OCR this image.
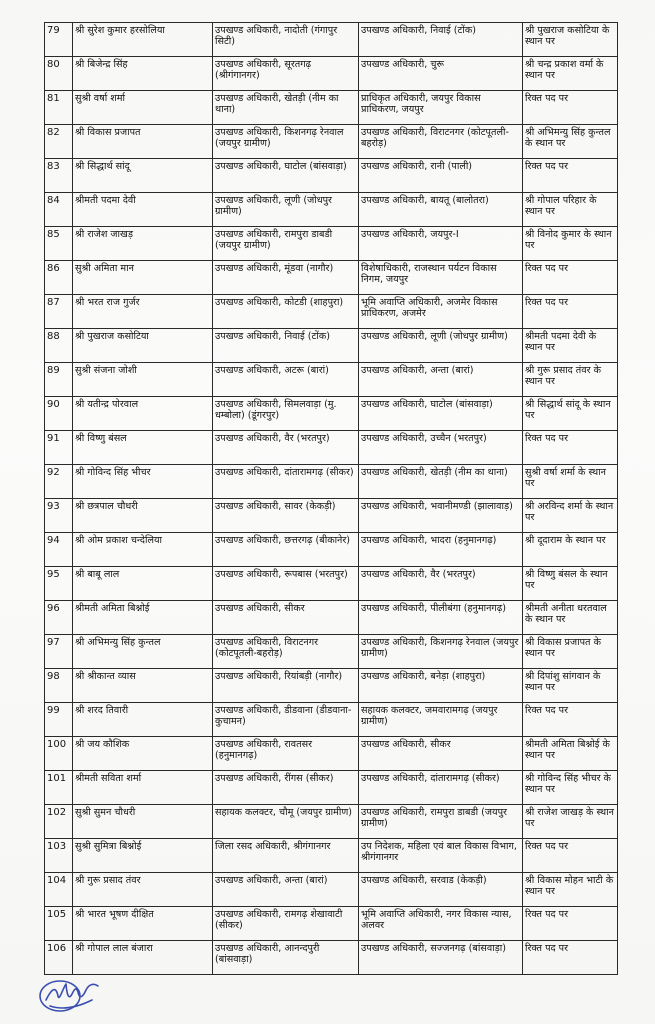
79	श्री सुरेश कुमार हरसोलिया	उपखण्ड अधिकारी, नादोती (गंगापुर सिटी)	उपखण्ड अधिकारी, निवाई (टोंक)	श्री पुखराज कसोटिया के स्थान पर
80	श्री बिजेन्द्र सिंह	उपखण्ड अधिकारी, सूरतगढ़ (श्रीगंगानगर)	उपखण्ड अधिकारी, चुरू	श्री चन्द्र प्रकाश वर्मा के स्थान पर
81	सुश्री वर्षा शर्मा	उपखण्ड अधिकारी, खेतड़ी (नीम का थाना)	प्राधिकृत अधिकारी, जयपुर विकास प्राधिकरण, जयपुर	रिक्त पद पर
82	श्री विकास प्रजापत	उपखण्ड अधिकारी, किशनगढ़ रेनवाल (जयपुर ग्रामीण)	उपखण्ड अधिकारी, विराटनगर (कोटपूतली-बहरोड़)	श्री अभिमन्यु सिंह कुन्तल के स्थान पर
83	श्री सिद्धार्थ सांदू	उपखण्ड अधिकारी, घाटोल (बांसवाड़ा)	उपखण्ड अधिकारी, रानी (पाली)	रिक्त पद पर
84	श्रीमती पदमा देवी	उपखण्ड अधिकारी, लूणी (जोधपुर ग्रामीण)	उपखण्ड अधिकारी, बायतू (बालोतरा)	श्री गोपाल परिहार के स्थान पर
85	श्री राजेश जाखड़	उपखण्ड अधिकारी, रामपुरा डाबडी (जयपुर ग्रामीण)	उपखण्ड अधिकारी, जयपुर-I	श्री विनोद कुमार के स्थान पर
86	सुश्री अमिता मान	उपखण्ड अधिकारी, मूंडवा (नागौर)	विशेषाधिकारी, राजस्थान पर्यटन विकास निगम, जयपुर	रिक्त पद पर
87	श्री भरत राज गुर्जर	उपखण्ड अधिकारी, कोटडी (शाहपुरा)	भूमि अवाप्ति अधिकारी, अजमेर विकास प्राधिकरण, अजमेर	रिक्त पद पर
88	श्री पुखराज कसोटिया	उपखण्ड अधिकारी, निवाई (टोंक)	उपखण्ड अधिकारी, लूणी (जोधपुर ग्रामीण)	श्रीमती पदमा देवी के स्थान पर
89	सुश्री संजना जोशी	उपखण्ड अधिकारी, अटरू (बारां)	उपखण्ड अधिकारी, अन्ता (बारां)	श्री गुरू प्रसाद तंवर के स्थान पर
90	श्री यतीन्द्र पोरवाल	उपखण्ड अधिकारी, सिमलवाड़ा (मु. धम्बोला) (डूंगरपुर)	उपखण्ड अधिकारी, घाटोल (बांसवाड़ा)	श्री सिद्धार्थ सांदू के स्थान पर
91	श्री विष्णु बंसल	उपखण्ड अधिकारी, वैर (भरतपुर)	उपखण्ड अधिकारी, उच्चैन (भरतपुर)	रिक्त पद पर
92	श्री गोविन्द सिंह भीचर	उपखण्ड अधिकारी, दांतारामगढ़ (सीकर)	उपखण्ड अधिकारी, खेतड़ी (नीम का थाना)	सुश्री वर्षा शर्मा के स्थान पर
93	श्री छत्रपाल चौधरी	उपखण्ड अधिकारी, सावर (केकड़ी)	उपखण्ड अधिकारी, भवानीमण्डी (झालावाड़)	श्री अरविन्द शर्मा के स्थान पर
94	श्री ओम प्रकाश चन्देलिया	उपखण्ड अधिकारी, छत्तरगढ़ (बीकानेर)	उपखण्ड अधिकारी, भादरा (हनुमानगढ़)	श्री दूदाराम के स्थान पर
95	श्री बाबू लाल	उपखण्ड अधिकारी, रूपबास (भरतपुर)	उपखण्ड अधिकारी, वैर (भरतपुर)	श्री विष्णु बंसल के स्थान पर
96	श्रीमती अमिता बिश्नोई	उपखण्ड अधिकारी, सीकर	उपखण्ड अधिकारी, पीलीबंगा (हनुमानगढ़)	श्रीमती अनीता धरतवाल के स्थान पर
97	श्री अभिमन्यु सिंह कुन्तल	उपखण्ड अधिकारी, विराटनगर (कोटपूतली-बहरोड़)	उपखण्ड अधिकारी, किशनगढ़ रेनवाल (जयपुर ग्रामीण)	श्री विकास प्रजापत के स्थान पर
98	श्री श्रीकान्त व्यास	उपखण्ड अधिकारी, रियांबड़ी (नागौर)	उपखण्ड अधिकारी, बनेड़ा (शाहपुरा)	श्री दिपांशु सांगवान के स्थान पर
99	श्री शरद तिवारी	उपखण्ड अधिकारी, डीडवाना (डीडवाना-कुचामन)	सहायक कलक्टर, जमवारामगढ़ (जयपुर ग्रामीण)	रिक्त पद पर
100	श्री जय कौशिक	उपखण्ड अधिकारी, रावतसर (हनुमानगढ़)	उपखण्ड अधिकारी, सीकर	श्रीमती अमिता बिश्नोई के स्थान पर
101	श्रीमती सविता शर्मा	उपखण्ड अधिकारी, रींगस (सीकर)	उपखण्ड अधिकारी, दांतारामगढ़ (सीकर)	श्री गोविन्द सिंह भीचर के स्थान पर
102	सुश्री सुमन चौधरी	सहायक कलक्टर, चौमू (जयपुर ग्रामीण)	उपखण्ड अधिकारी, रामपुरा डाबडी (जयपुर ग्रामीण)	श्री राजेश जाखड़ के स्थान पर
103	सुश्री सुमित्रा बिश्नोई	जिला रसद अधिकारी, श्रीगंगानगर	उप निदेशक, महिला एवं बाल विकास विभाग, श्रीगंगानगर	रिक्त पद पर
104	श्री गुरू प्रसाद तंवर	उपखण्ड अधिकारी, अन्ता (बारां)	उपखण्ड अधिकारी, सरवाड (केकड़ी)	श्री विकास मोहन भाटी के स्थान पर
105	श्री भारत भूषण दीक्षित	उपखण्ड अधिकारी, रामगढ़ शेखावाटी (सीकर)	भूमि अवाप्ति अधिकारी, नगर विकास न्यास, अलवर	रिक्त पद पर
106	श्री गोपाल लाल बंजारा	उपखण्ड अधिकारी, आनन्दपुरी (बांसवाड़ा)	उपखण्ड अधिकारी, सज्जनगढ़ (बांसवाड़ा)	रिक्त पद पर
